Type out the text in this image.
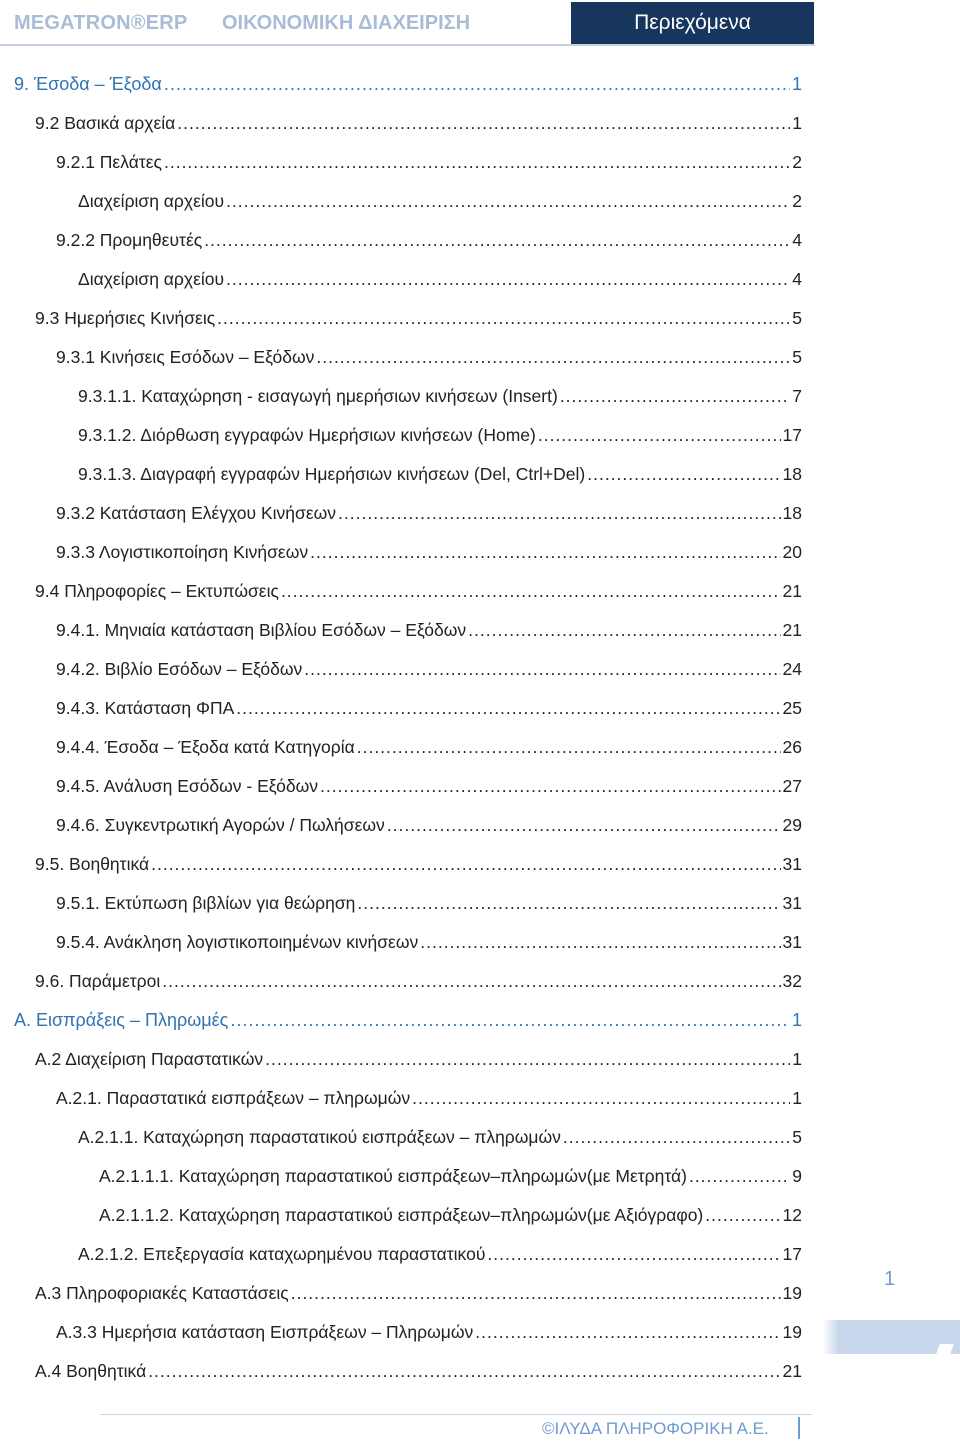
MEGATRON®ERP ΟΙΚΟΝΟΜΙΚΗ ΔΙΑΧΕΙΡΙΣΗ	Περιεχόμενα
9. Έσοδα – Έξοδα .....	1
9.2 Βασικά αρχεία .....	1
9.2.1 Πελάτες .....	2
Διαχείριση αρχείου .....	2
9.2.2 Προμηθευτές .....	4
Διαχείριση αρχείου .....	4
9.3 Ημερήσιες Κινήσεις .....	5
9.3.1 Κινήσεις Εσόδων – Εξόδων .....	5
9.3.1.1. Καταχώρηση - εισαγωγή ημερήσιων κινήσεων (Insert) .....	7
9.3.1.2. Διόρθωση εγγραφών Ημερήσιων κινήσεων (Home) .....	17
9.3.1.3. Διαγραφή εγγραφών Ημερήσιων κινήσεων (Del, Ctrl+Del) .....	18
9.3.2 Κατάσταση Ελέγχου Κινήσεων .....	18
9.3.3 Λογιστικοποίηση Κινήσεων .....	20
9.4 Πληροφορίες – Εκτυπώσεις .....	21
9.4.1. Μηνιαία κατάσταση Βιβλίου Εσόδων – Εξόδων .....	21
9.4.2. Βιβλίο Εσόδων – Εξόδων .....	24
9.4.3. Κατάσταση ΦΠΑ .....	25
9.4.4. Έσοδα – Έξοδα κατά Κατηγορία .....	26
9.4.5. Ανάλυση Εσόδων - Εξόδων .....	27
9.4.6. Συγκεντρωτική Αγορών / Πωλήσεων .....	29
9.5. Βοηθητικά .....	31
9.5.1. Εκτύπωση βιβλίων για θεώρηση .....	31
9.5.4. Ανάκληση λογιστικοποιημένων κινήσεων .....	31
9.6. Παράμετροι .....	32
Α. Εισπράξεις – Πληρωμές .....	1
Α.2 Διαχείριση Παραστατικών .....	1
Α.2.1. Παραστατικά εισπράξεων – πληρωμών .....	1
Α.2.1.1. Καταχώρηση παραστατικού εισπράξεων – πληρωμών .....	5
Α.2.1.1.1. Καταχώρηση παραστατικού εισπράξεων–πληρωμών(με Μετρητά) .....	9
Α.2.1.1.2. Καταχώρηση παραστατικού εισπράξεων–πληρωμών(με Αξιόγραφο) .....	12
Α.2.1.2. Επεξεργασία καταχωρημένου παραστατικού .....	17
Α.3 Πληροφοριακές Καταστάσεις .....	19
Α.3.3 Ημερήσια κατάσταση Εισπράξεων – Πληρωμών .....	19
Α.4 Βοηθητικά .....	21
1
©ΙΛΥΔΑ ΠΛΗΡΟΦΟΡΙΚΗ Α.Ε.
